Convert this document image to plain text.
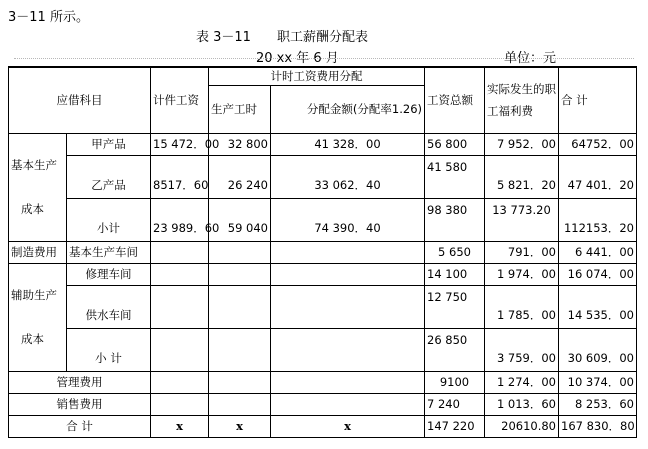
3－11 所示。
表 3－11　　职工薪酬分配表
20 xx 年 6 月	单位：元
应借科目		计件工资	计时工资费用分配		工资总额	实际发生的职工福利费	合 计
			生产工时	分配金额(分配率1.26)			
基本生产

成本	甲产品	15 472．00	32 800	41 328．00	56 800	7 952．00	64752．00
	乙产品	8517．60	26 240	33 062．40	41 580	5 821．20	47 401．20
	小计	23 989．60	59 040	74 390．40	98 380	13 773.20	112153．20
制造费用	基本生产车间				5 650	791．00	6 441．00
辅助生产

成本	修理车间				14 100	1 974．00	16 074．00
	供水车间				12 750	1 785．00	14 535．00
	小 计				26 850	3 759．00	30 609．00
管理费用					9100	1 274．00	10 374．00
销售费用					7 240	1 013．60	8 253．60
合 计		x	x	x	147 220	20610.80	167 830．80
